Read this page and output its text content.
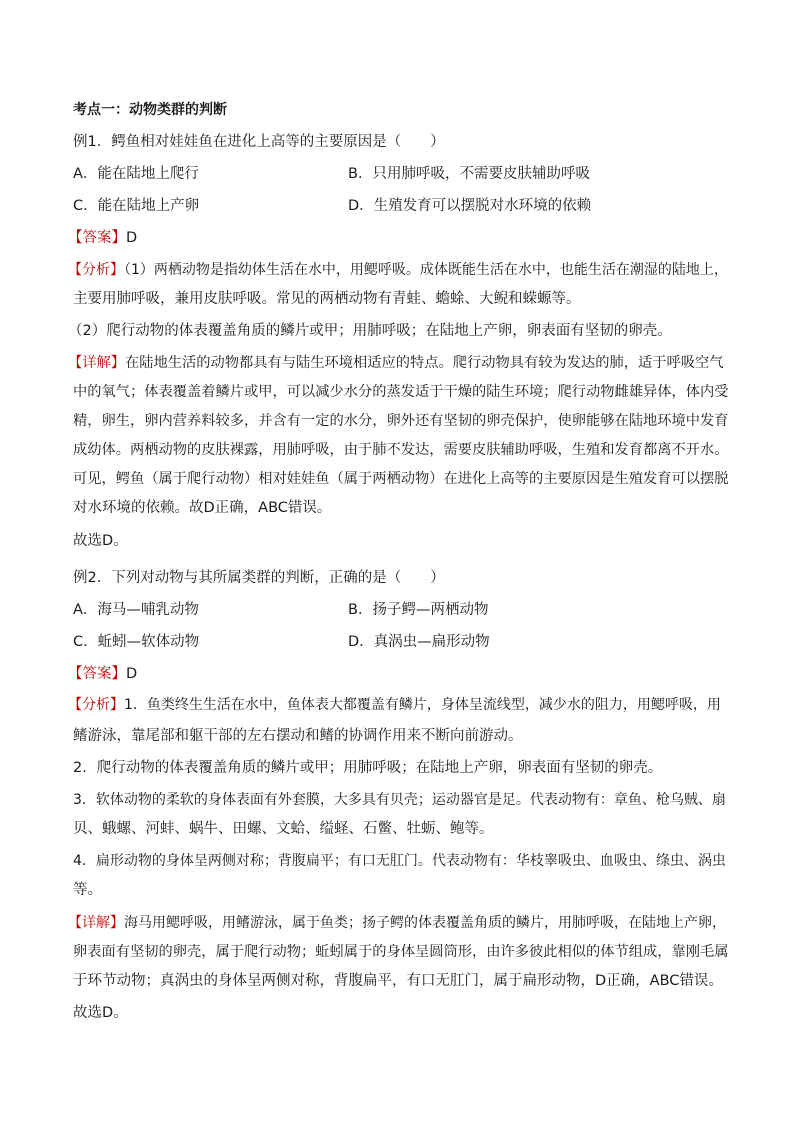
考点一：动物类群的判断
例1．鳄鱼相对娃娃鱼在进化上高等的主要原因是（　　）
A．能在陆地上爬行	B．只用肺呼吸，不需要皮肤辅助呼吸
C．能在陆地上产卵	D．生殖发育可以摆脱对水环境的依赖
【答案】D
【分析】（1）两栖动物是指幼体生活在水中，用鳃呼吸。成体既能生活在水中，也能生活在潮湿的陆地上，
主要用肺呼吸，兼用皮肤呼吸。常见的两栖动物有青蛙、蟾蜍、大鲵和蝾螈等。
（2）爬行动物的体表覆盖角质的鳞片或甲；用肺呼吸；在陆地上产卵，卵表面有坚韧的卵壳。
【详解】在陆地生活的动物都具有与陆生环境相适应的特点。爬行动物具有较为发达的肺，适于呼吸空气
中的氧气；体表覆盖着鳞片或甲，可以减少水分的蒸发适于干燥的陆生环境；爬行动物雌雄异体，体内受
精，卵生，卵内营养料较多，并含有一定的水分，卵外还有坚韧的卵壳保护，使卵能够在陆地环境中发育
成幼体。两栖动物的皮肤裸露，用肺呼吸，由于肺不发达，需要皮肤辅助呼吸，生殖和发育都离不开水。
可见，鳄鱼（属于爬行动物）相对娃娃鱼（属于两栖动物）在进化上高等的主要原因是生殖发育可以摆脱
对水环境的依赖。故D正确，ABC错误。
故选D。
例2．下列对动物与其所属类群的判断，正确的是（　　）
A．海马—哺乳动物	B．扬子鳄—两栖动物
C．蚯蚓—软体动物	D．真涡虫—扁形动物
【答案】D
【分析】1．鱼类终生生活在水中，鱼体表大都覆盖有鳞片，身体呈流线型，减少水的阻力，用鳃呼吸，用
鳍游泳，靠尾部和躯干部的左右摆动和鳍的协调作用来不断向前游动。
2．爬行动物的体表覆盖角质的鳞片或甲；用肺呼吸；在陆地上产卵，卵表面有坚韧的卵壳。
3．软体动物的柔软的身体表面有外套膜，大多具有贝壳；运动器官是足。代表动物有：章鱼、枪乌贼、扇
贝、蛾螺、河蚌、蜗牛、田螺、文蛤、缢蛏、石鳖、牡蛎、鲍等。
4．扁形动物的身体呈两侧对称；背腹扁平；有口无肛门。代表动物有：华枝睾吸虫、血吸虫、绦虫、涡虫
等。
【详解】海马用鳃呼吸，用鳍游泳，属于鱼类；扬子鳄的体表覆盖角质的鳞片，用肺呼吸，在陆地上产卵，
卵表面有坚韧的卵壳，属于爬行动物；蚯蚓属于的身体呈圆筒形，由许多彼此相似的体节组成，靠刚毛属
于环节动物；真涡虫的身体呈两侧对称，背腹扁平，有口无肛门，属于扁形动物，D正确，ABC错误。
故选D。
